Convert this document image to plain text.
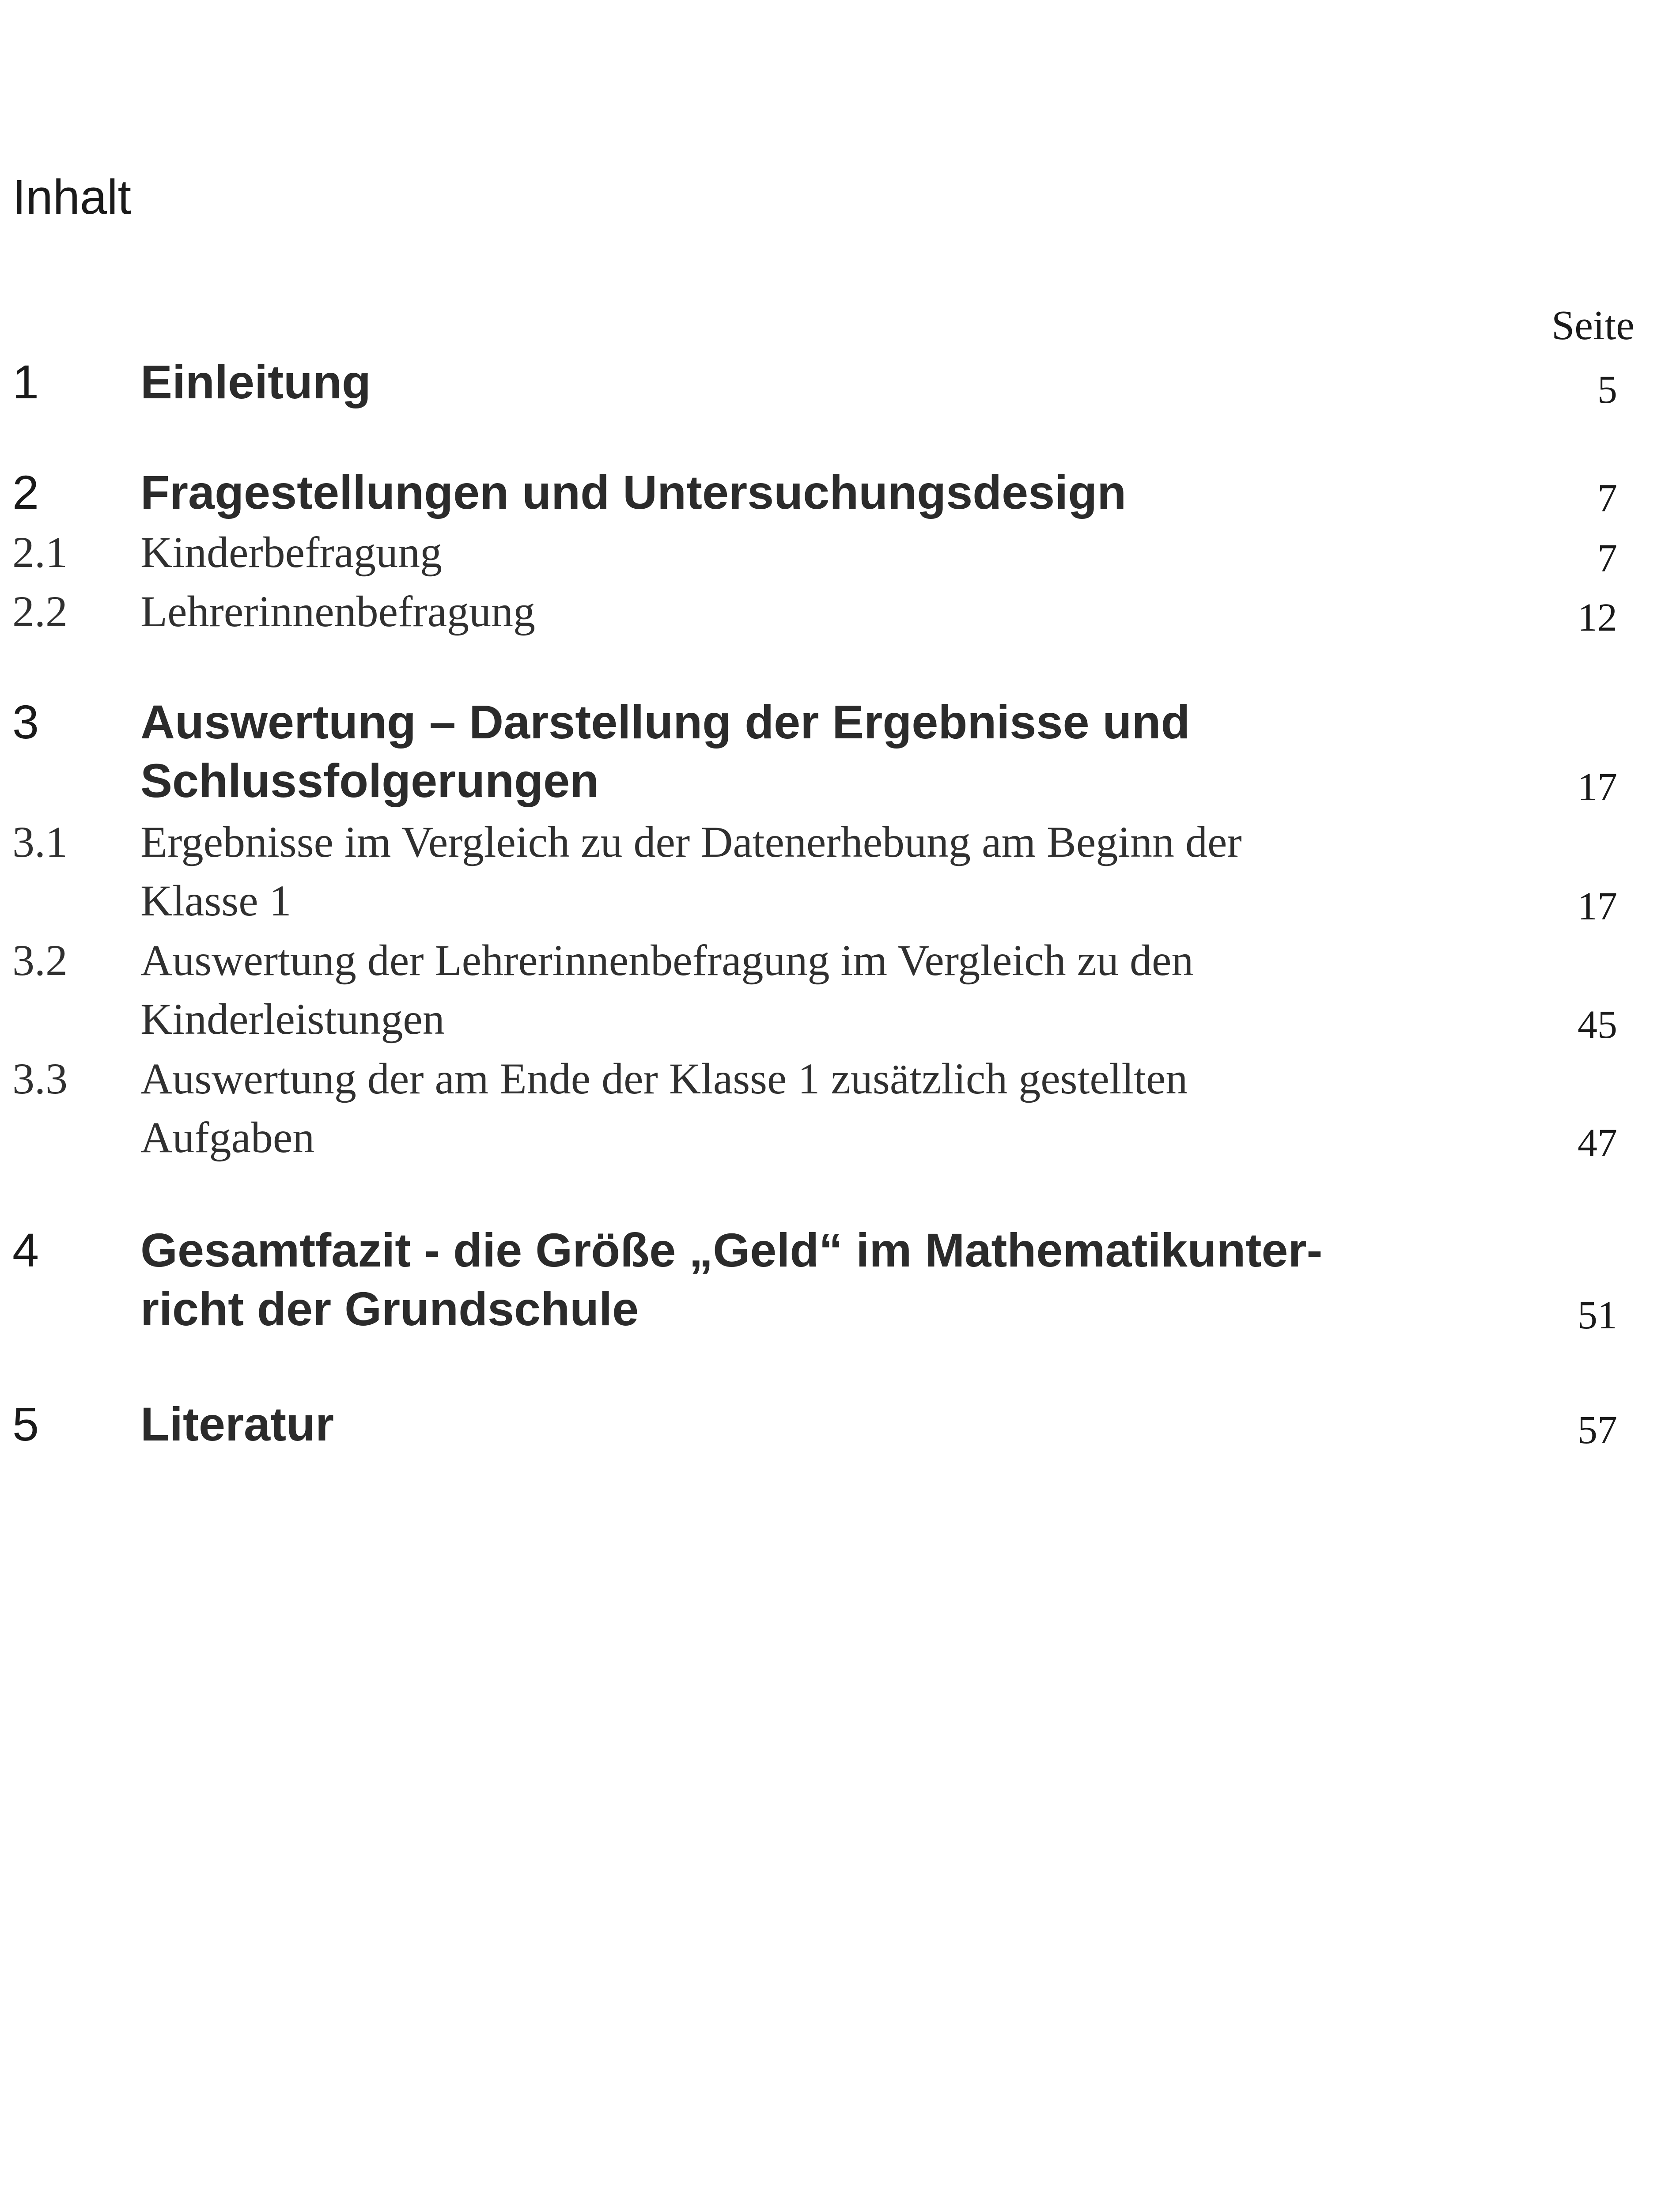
Inhalt
Seite
1 Einleitung	5
2 Fragestellungen und Untersuchungsdesign	7
2.1 Kinderbefragung	7
2.2 Lehrerinnenbefragung	12
3 Auswertung – Darstellung der Ergebnisse und
Schlussfolgerungen	17
3.1 Ergebnisse im Vergleich zu der Datenerhebung am Beginn der
Klasse 1	17
3.2 Auswertung der Lehrerinnenbefragung im Vergleich zu den
Kinderleistungen	45
3.3 Auswertung der am Ende der Klasse 1 zusätzlich gestellten
Aufgaben	47
4 Gesamtfazit - die Größe „Geld“ im Mathematikunter-
richt der Grundschule	51
5 Literatur	57
